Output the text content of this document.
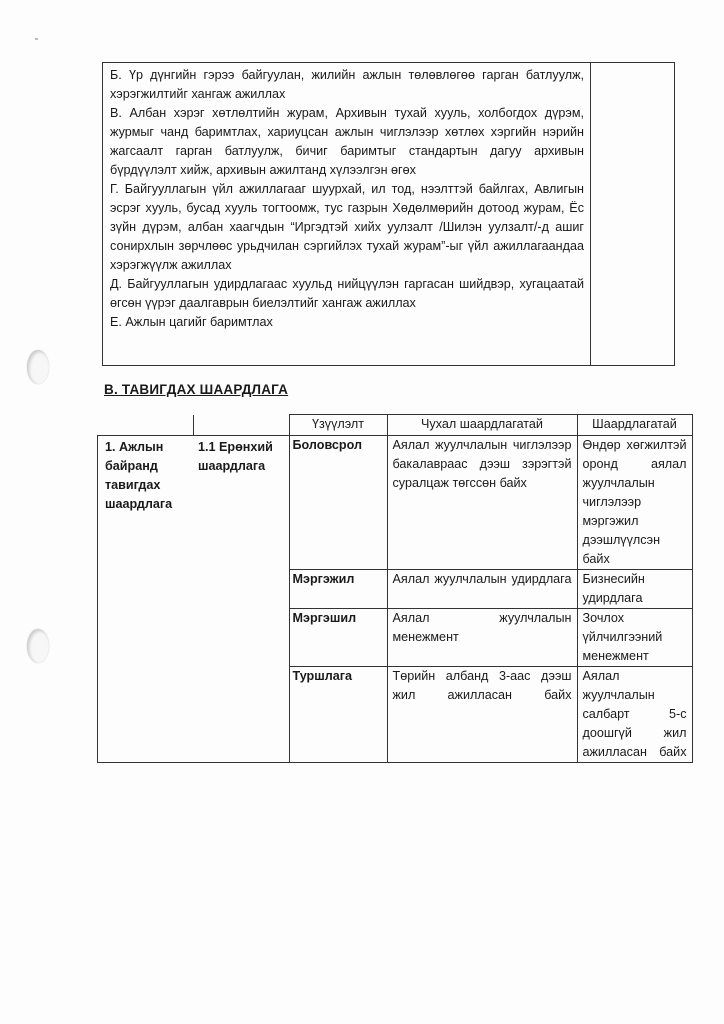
Б. Үр дүнгийн гэрээ байгуулан, жилийн ажлын төлөвлөгөө гарган батлуулж, хэрэгжилтийг хангаж ажиллах

В. Албан хэрэг хөтлөлтийн журам, Архивын тухай хууль, холбогдох дүрэм, журмыг чанд баримтлах, хариуцсан ажлын чиглэлээр хөтлөх хэргийн нэрийн жагсаалт гарган батлуулж, бичиг баримтыг стандартын дагуу архивын бүрдүүлэлт хийж, архивын ажилтанд хүлээлгэн өгөх

Г. Байгууллагын үйл ажиллагааг шуурхай, ил тод, нээлттэй байлгах, Авлигын эсрэг хууль, бусад хууль тогтоомж, тус газрын Хөдөлмөрийн дотоод журам, Ёс зүйн дүрэм, албан хаагчдын “Иргэдтэй хийх уулзалт /Шилэн уулзалт/-д ашиг сонирхлын зөрчлөөс урьдчилан сэргийлэх тухай журам”-ыг үйл ажиллагаандаа хэрэгжүүлж ажиллах

Д. Байгууллагын удирдлагаас хуульд нийцүүлэн гаргасан шийдвэр, хугацаатай өгсөн үүрэг даалгаврын биелэлтийг хангаж ажиллах

Е. Ажлын цагийг баримтлах

В. ТАВИГДАХ ШААРДЛАГА
		Үзүүлэлт	Чухал шаардлагатай	Шаардлагатай
1. Ажлын байранд тавигдах шаардлага	1.1 Ерөнхий шаардлага	Боловсрол	Аялал жуулчлалын чиглэлээр бакалавраас дээш зэрэгтэй суралцаж төгссөн байх	Өндөр хөгжилтэй оронд аялал жуулчлалын чиглэлээр мэргэжил дээшлүүлсэн байх
		Мэргэжил	Аялал жуулчлалын удирдлага	Бизнесийн удирдлага
		Мэргэшил	Аялал жуулчлалын менежмент	Зочлох үйлчилгээний менежмент
		Туршлага	Төрийн албанд 3-аас дээш жил ажилласан байх	Аялал жуулчлалын салбарт 5-с доошгүй жил ажилласан байх
